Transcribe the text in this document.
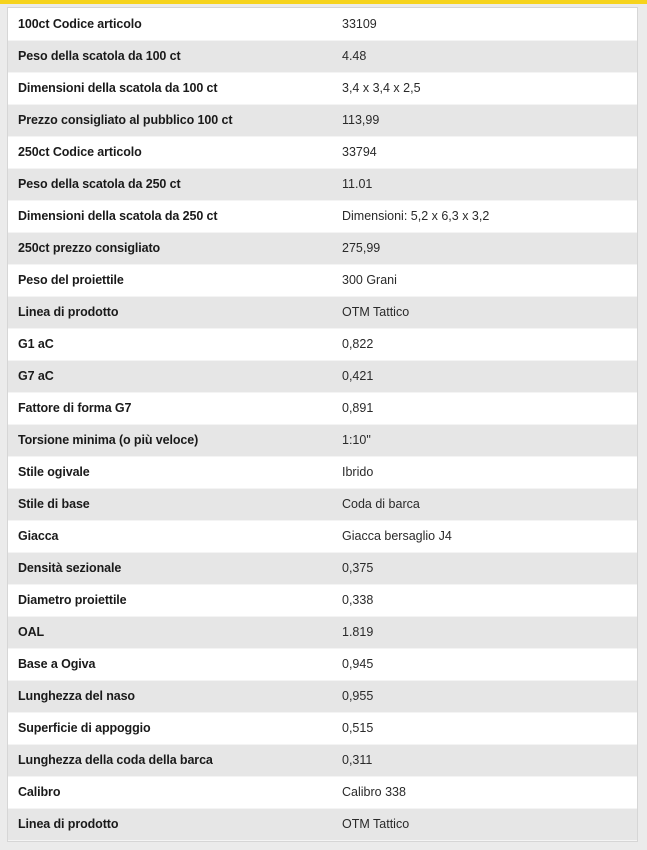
100ct Codice articolo	33109
Peso della scatola da 100 ct	4.48
Dimensioni della scatola da 100 ct	3,4 x 3,4 x 2,5
Prezzo consigliato al pubblico 100 ct	113,99
250ct Codice articolo	33794
Peso della scatola da 250 ct	11.01
Dimensioni della scatola da 250 ct	Dimensioni: 5,2 x 6,3 x 3,2
250ct prezzo consigliato	275,99
Peso del proiettile	300 Grani
Linea di prodotto	OTM Tattico
G1 aC	0,822
G7 aC	0,421
Fattore di forma G7	0,891
Torsione minima (o più veloce)	1:10"
Stile ogivale	Ibrido
Stile di base	Coda di barca
Giacca	Giacca bersaglio J4
Densità sezionale	0,375
Diametro proiettile	0,338
OAL	1.819
Base a Ogiva	0,945
Lunghezza del naso	0,955
Superficie di appoggio	0,515
Lunghezza della coda della barca	0,311
Calibro	Calibro 338
Linea di prodotto	OTM Tattico
